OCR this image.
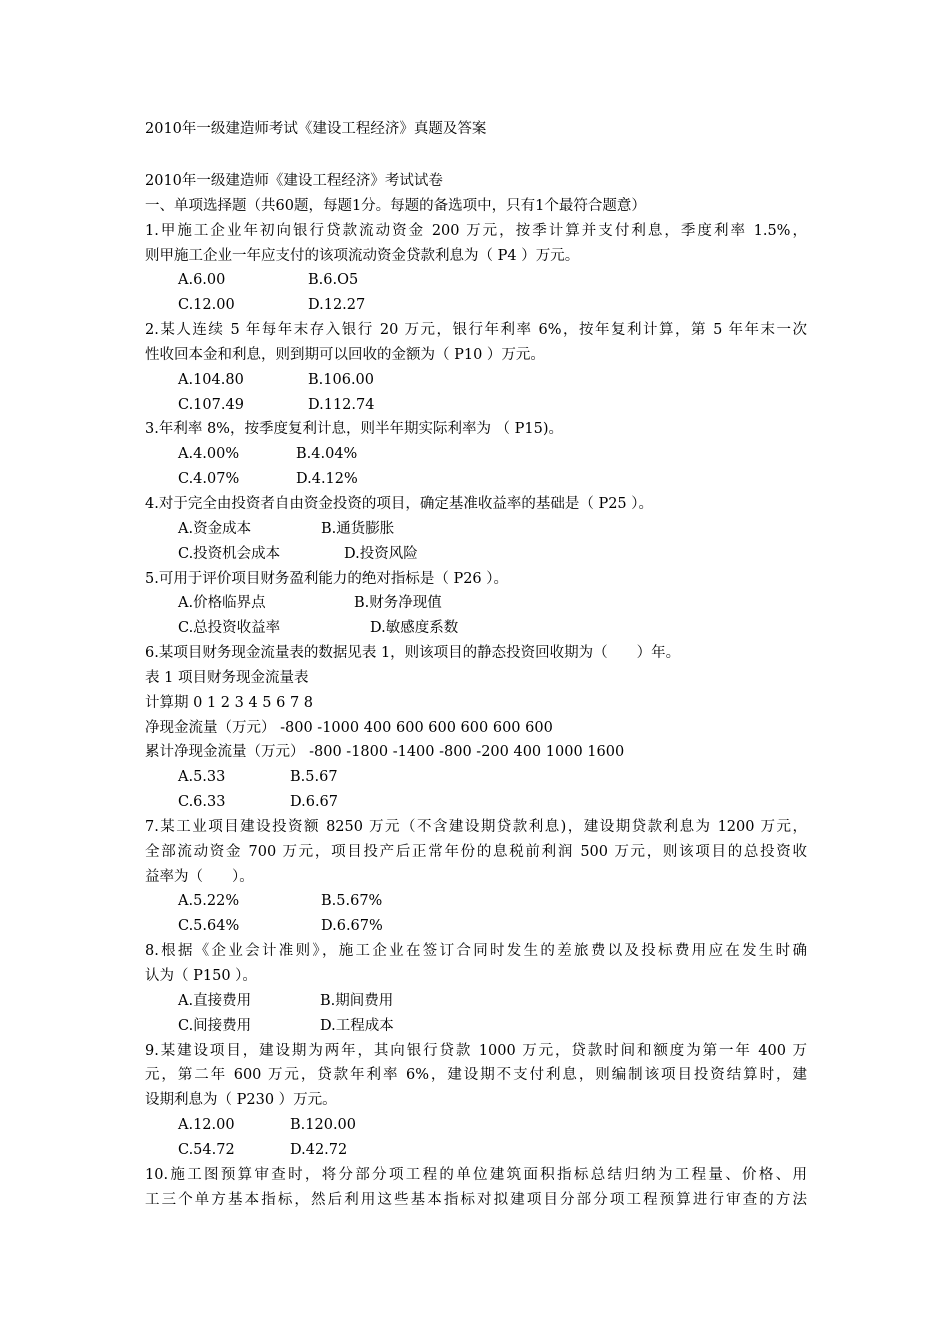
2010年一级建造师考试《建设工程经济》真题及答案
2010年一级建造师《建设工程经济》考试试卷
一、单项选择题（共60题，每题1分。每题的备选项中，只有1个最符合题意）
1.甲施工企业年初向银行贷款流动资金 200 万元，按季计算并支付利息，季度利率 1.5%，
则甲施工企业一年应支付的该项流动资金贷款利息为（ P4 ）万元。
A.6.00	B.6.O5
C.12.00	D.12.27
2.某人连续 5 年每年末存入银行 20 万元，银行年利率 6%，按年复利计算，第 5 年年末一次
性收回本金和利息，则到期可以回收的金额为（ P10 ）万元。
A.104.80	B.106.00
C.107.49	D.112.74
3.年利率 8%，按季度复利计息，则半年期实际利率为 （ P15)。
A.4.00%	B.4.04%
C.4.07%	D.4.12%
4.对于完全由投资者自由资金投资的项目，确定基准收益率的基础是（ P25 ）。
A.资金成本	B.通货膨胀
C.投资机会成本	D.投资风险
5.可用于评价项目财务盈利能力的绝对指标是（ P26 ）。
A.价格临界点	B.财务净现值
C.总投资收益率	D.敏感度系数
6.某项目财务现金流量表的数据见表 1，则该项目的静态投资回收期为（　　）年。
表 1 项目财务现金流量表
计算期 0 1 2 3 4 5 6 7 8
净现金流量（万元） -800 -1000 400 600 600 600 600 600
累计净现金流量（万元） -800 -1800 -1400 -800 -200 400 1000 1600
A.5.33	B.5.67
C.6.33	D.6.67
7.某工业项目建设投资额 8250 万元（不含建设期贷款利息)，建设期贷款利息为 1200 万元，
全部流动资金 700 万元，项目投产后正常年份的息税前利润 500 万元，则该项目的总投资收
益率为（　　）。
A.5.22%	B.5.67%
C.5.64%	D.6.67%
8.根据《企业会计准则》，施工企业在签订合同时发生的差旅费以及投标费用应在发生时确
认为（ P150 ）。
A.直接费用	B.期间费用
C.间接费用	D.工程成本
9.某建设项目，建设期为两年，其向银行贷款 1000 万元，贷款时间和额度为第一年 400 万
元，第二年 600 万元，贷款年利率 6%，建设期不支付利息，则编制该项目投资结算时，建
设期利息为（ P230 ）万元。
A.12.00	B.120.00
C.54.72	D.42.72
10.施工图预算审查时，将分部分项工程的单位建筑面积指标总结归纳为工程量、价格、用
工三个单方基本指标，然后利用这些基本指标对拟建项目分部分项工程预算进行审查的方法
